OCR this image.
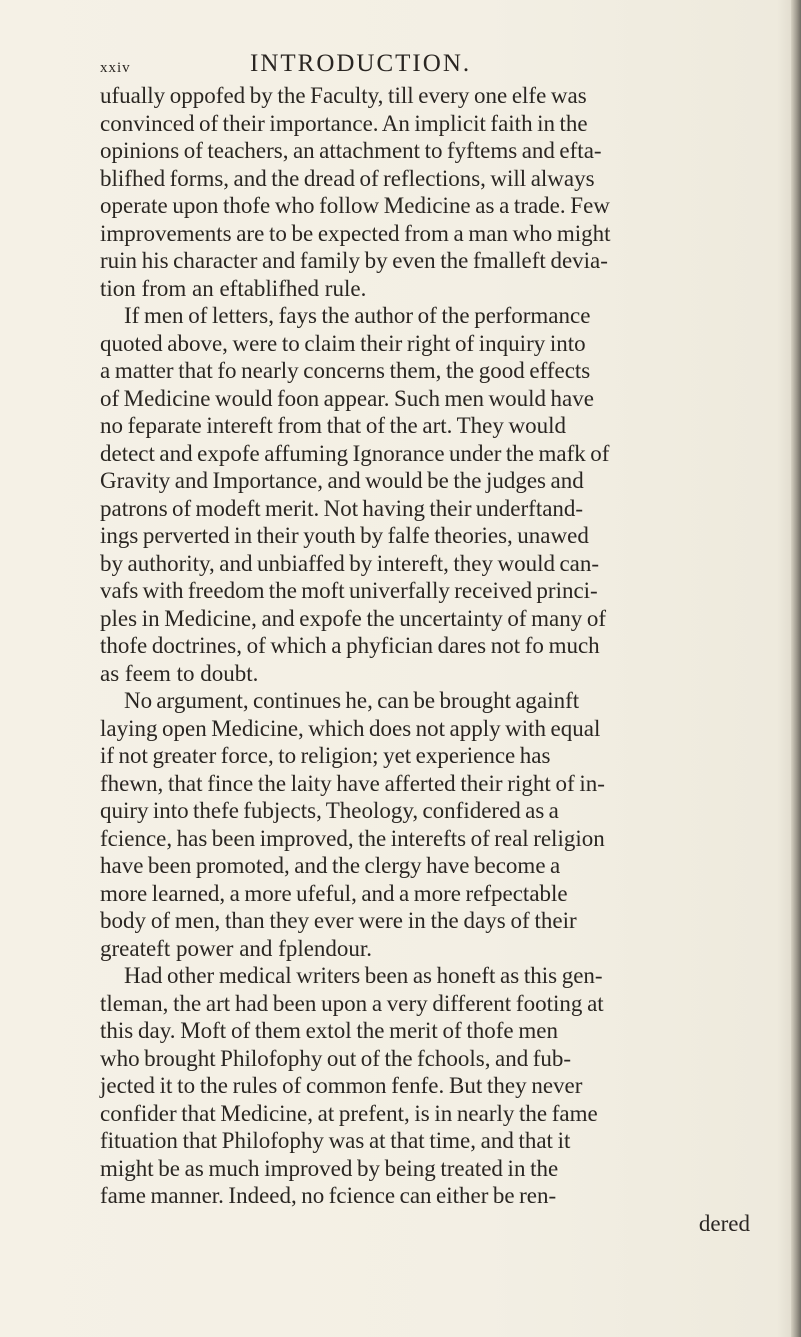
xxiv	INTRODUCTION.
ufually oppofed by the Faculty, till every one elfe was
convinced of their importance. An implicit faith in the
opinions of teachers, an attachment to fyftems and efta-
blifhed forms, and the dread of reflections, will always
operate upon thofe who follow Medicine as a trade. Few
improvements are to be expected from a man who might
ruin his character and family by even the fmalleft devia-
tion from an eftablifhed rule.
If men of letters, fays the author of the performance
quoted above, were to claim their right of inquiry into
a matter that fo nearly concerns them, the good effects
of Medicine would foon appear. Such men would have
no feparate intereft from that of the art. They would
detect and expofe affuming Ignorance under the mafk of
Gravity and Importance, and would be the judges and
patrons of modeft merit. Not having their underftand-
ings perverted in their youth by falfe theories, unawed
by authority, and unbiaffed by intereft, they would can-
vafs with freedom the moft univerfally received princi-
ples in Medicine, and expofe the uncertainty of many of
thofe doctrines, of which a phyfician dares not fo much
as feem to doubt.
No argument, continues he, can be brought againft
laying open Medicine, which does not apply with equal
if not greater force, to religion; yet experience has
fhewn, that fince the laity have afferted their right of in-
quiry into thefe fubjects, Theology, confidered as a
fcience, has been improved, the interefts of real religion
have been promoted, and the clergy have become a
more learned, a more ufeful, and a more refpectable
body of men, than they ever were in the days of their
greateft power and fplendour.
Had other medical writers been as honeft as this gen-
tleman, the art had been upon a very different footing at
this day. Moft of them extol the merit of thofe men
who brought Philofophy out of the fchools, and fub-
jected it to the rules of common fenfe. But they never
confider that Medicine, at prefent, is in nearly the fame
fituation that Philofophy was at that time, and that it
might be as much improved by being treated in the
fame manner. Indeed, no fcience can either be ren-
dered
